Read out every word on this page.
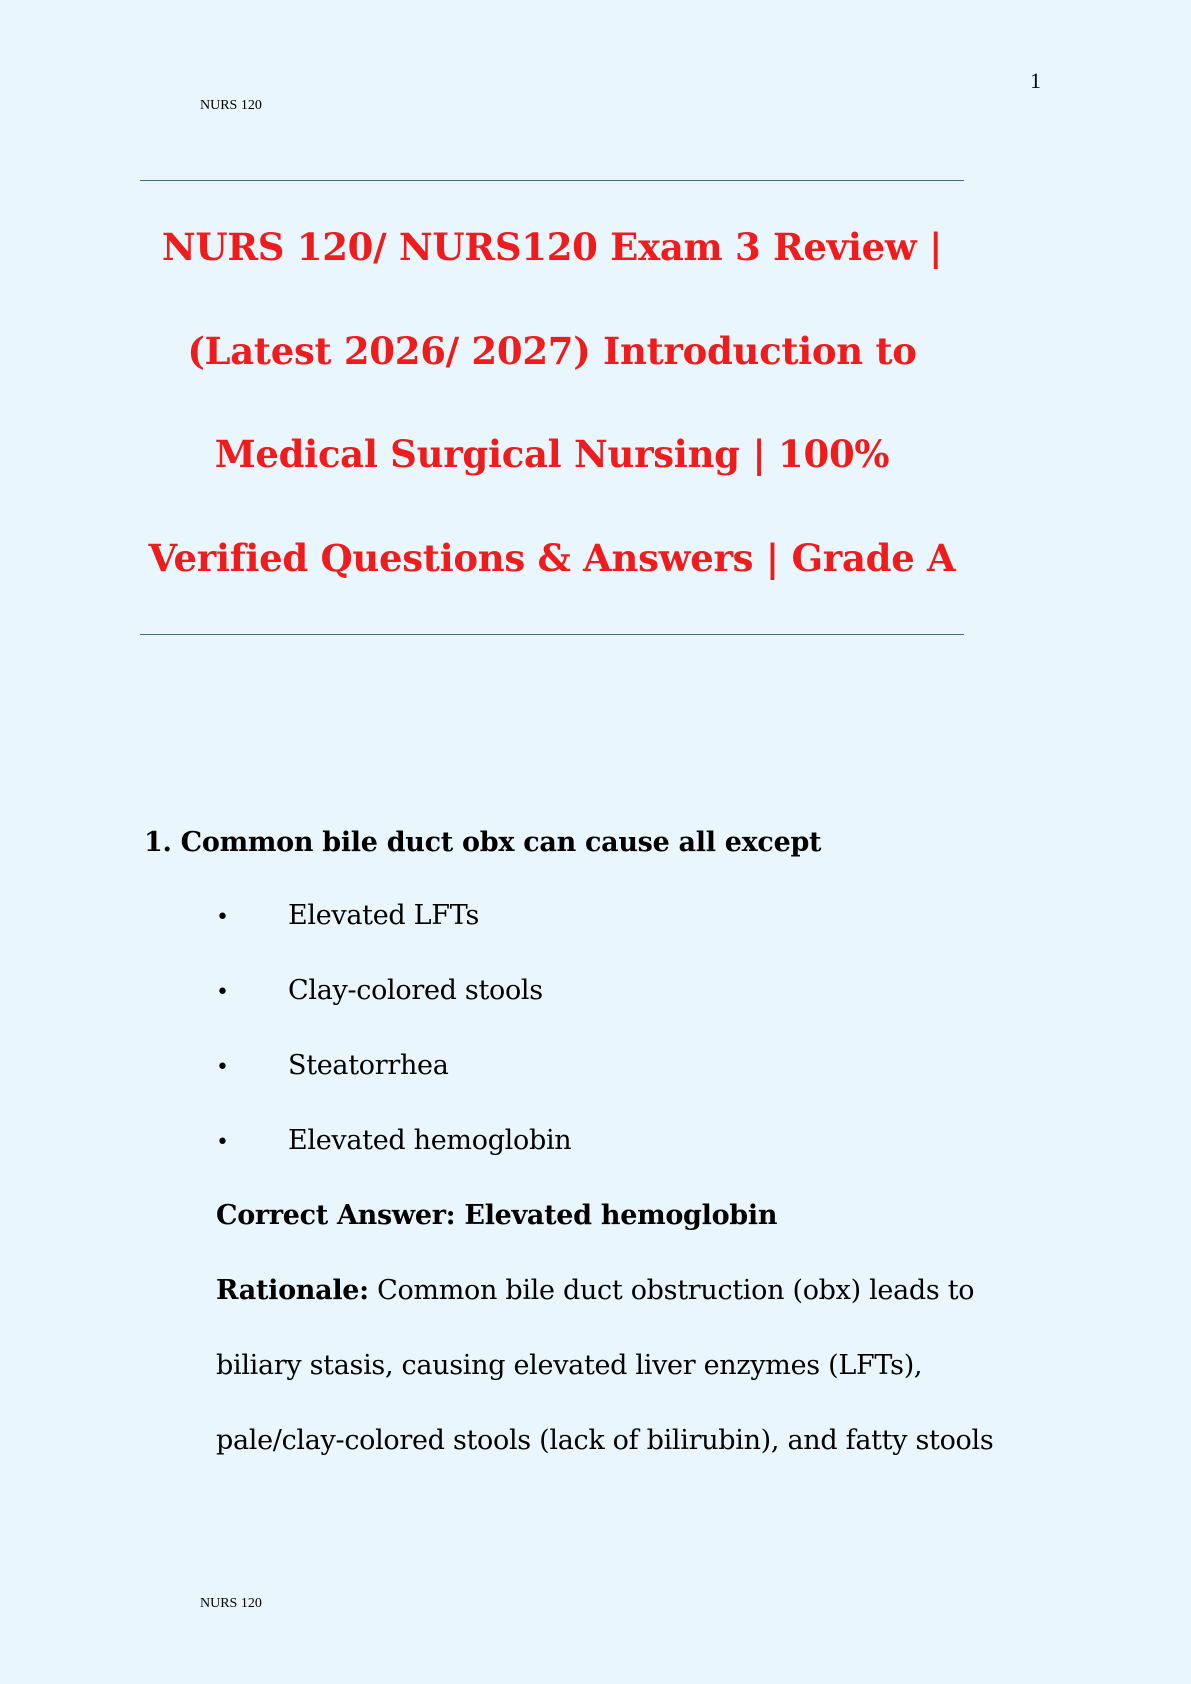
1
NURS 120
NURS 120/ NURS120 Exam 3 Review |
(Latest 2026/ 2027) Introduction to
Medical Surgical Nursing | 100%
Verified Questions & Answers | Grade A
1. Common bile duct obx can cause all except
• Elevated LFTs
• Clay-colored stools
• Steatorrhea
• Elevated hemoglobin
Correct Answer: Elevated hemoglobin
Rationale: Common bile duct obstruction (obx) leads to
biliary stasis, causing elevated liver enzymes (LFTs),
pale/clay-colored stools (lack of bilirubin), and fatty stools
NURS 120
